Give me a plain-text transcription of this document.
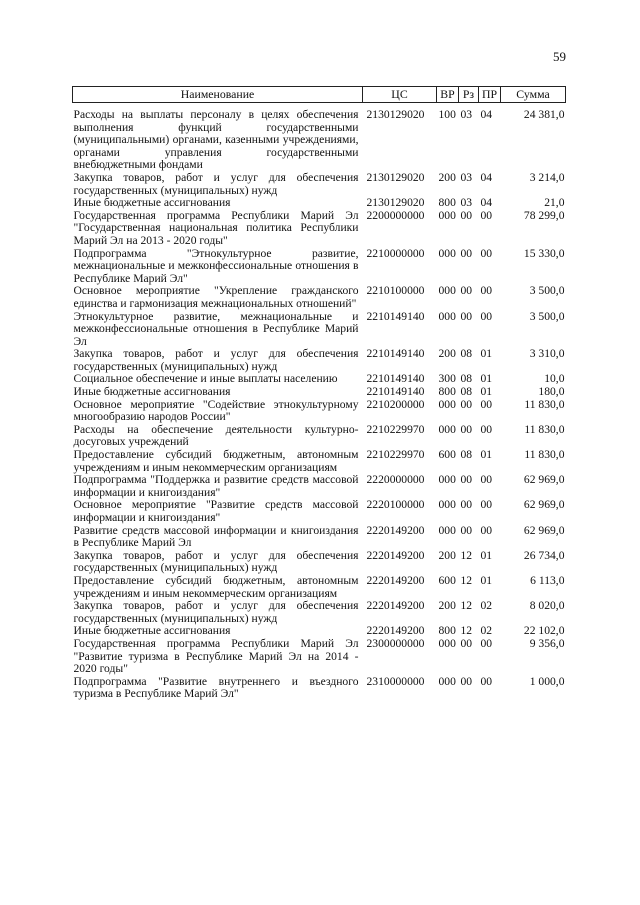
59
Наименование	ЦС	ВР	Рз	ПР	Сумма
Расходы на выплаты персоналу в целях обеспечения выполнения функций государственными (муниципальными) органами, казенными учреждениями, органами управления государственными внебюджетными фондами	2130129020	100	03	04	24 381,0
Закупка товаров, работ и услуг для обеспечения государственных (муниципальных) нужд	2130129020	200	03	04	3 214,0
Иные бюджетные ассигнования	2130129020	800	03	04	21,0
Государственная программа Республики Марий Эл "Государственная национальная политика Республики Марий Эл на 2013 - 2020 годы"	2200000000	000	00	00	78 299,0
Подпрограмма "Этнокультурное развитие, межнациональные и межконфессиональные отношения в Республике Марий Эл"	2210000000	000	00	00	15 330,0
Основное мероприятие "Укрепление гражданского единства и гармонизация межнациональных отношений"	2210100000	000	00	00	3 500,0
Этнокультурное развитие, межнациональные и межконфессиональные отношения в Республике Марий Эл	2210149140	000	00	00	3 500,0
Закупка товаров, работ и услуг для обеспечения государственных (муниципальных) нужд	2210149140	200	08	01	3 310,0
Социальное обеспечение и иные выплаты населению	2210149140	300	08	01	10,0
Иные бюджетные ассигнования	2210149140	800	08	01	180,0
Основное мероприятие "Содействие этнокультурному многообразию народов России"	2210200000	000	00	00	11 830,0
Расходы на обеспечение деятельности культурно-досуговых учреждений	2210229970	000	00	00	11 830,0
Предоставление субсидий бюджетным, автономным учреждениям и иным некоммерческим организациям	2210229970	600	08	01	11 830,0
Подпрограмма "Поддержка и развитие средств массовой информации и книгоиздания"	2220000000	000	00	00	62 969,0
Основное мероприятие "Развитие средств массовой информации и книгоиздания"	2220100000	000	00	00	62 969,0
Развитие средств массовой информации и книгоиздания в Республике Марий Эл	2220149200	000	00	00	62 969,0
Закупка товаров, работ и услуг для обеспечения государственных (муниципальных) нужд	2220149200	200	12	01	26 734,0
Предоставление субсидий бюджетным, автономным учреждениям и иным некоммерческим организациям	2220149200	600	12	01	6 113,0
Закупка товаров, работ и услуг для обеспечения государственных (муниципальных) нужд	2220149200	200	12	02	8 020,0
Иные бюджетные ассигнования	2220149200	800	12	02	22 102,0
Государственная программа Республики Марий Эл "Развитие туризма в Республике Марий Эл на 2014 - 2020 годы"	2300000000	000	00	00	9 356,0
Подпрограмма "Развитие внутреннего и въездного туризма в Республике Марий Эл"	2310000000	000	00	00	1 000,0
